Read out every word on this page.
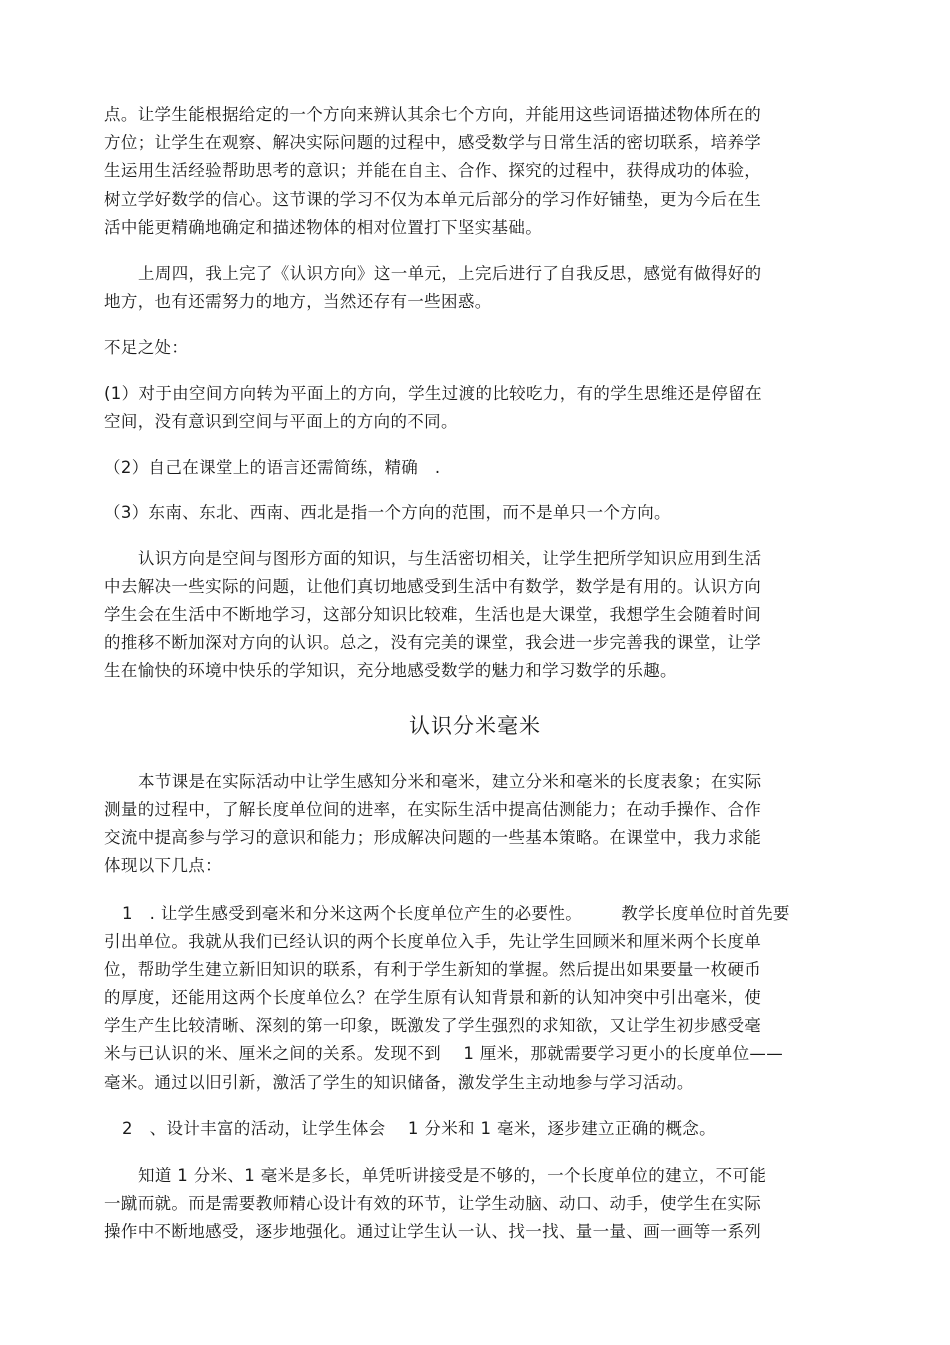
点。让学生能根据给定的一个方向来辨认其余七个方向，并能用这些词语描述物体所在的
方位；让学生在观察、解决实际问题的过程中，感受数学与日常生活的密切联系，培养学
生运用生活经验帮助思考的意识；并能在自主、合作、探究的过程中，获得成功的体验，
树立学好数学的信心。这节课的学习不仅为本单元后部分的学习作好铺垫，更为今后在生
活中能更精确地确定和描述物体的相对位置打下坚实基础。
上周四，我上完了《认识方向》这一单元，上完后进行了自我反思，感觉有做得好的
地方，也有还需努力的地方，当然还存有一些困惑。
不足之处：
(1）对于由空间方向转为平面上的方向，学生过渡的比较吃力，有的学生思维还是停留在
空间，没有意识到空间与平面上的方向的不同。
（2）自己在课堂上的语言还需简练，精确   .
（3）东南、东北、西南、西北是指一个方向的范围，而不是单只一个方向。
认识方向是空间与图形方面的知识，与生活密切相关，让学生把所学知识应用到生活
中去解决一些实际的问题，让他们真切地感受到生活中有数学，数学是有用的。认识方向
学生会在生活中不断地学习，这部分知识比较难，生活也是大课堂，我想学生会随着时间
的推移不断加深对方向的认识。总之，没有完美的课堂，我会进一步完善我的课堂，让学
生在愉快的环境中快乐的学知识，充分地感受数学的魅力和学习数学的乐趣。
认识分米毫米
本节课是在实际活动中让学生感知分米和毫米，建立分米和毫米的长度表象；在实际
测量的过程中，了解长度单位间的进率，在实际生活中提高估测能力；在动手操作、合作
交流中提高参与学习的意识和能力；形成解决问题的一些基本策略。在课堂中，我力求能
体现以下几点：
1   . 让学生感受到毫米和分米这两个长度单位产生的必要性。       教学长度单位时首先要
引出单位。我就从我们已经认识的两个长度单位入手，先让学生回顾米和厘米两个长度单
位，帮助学生建立新旧知识的联系，有利于学生新知的掌握。然后提出如果要量一枚硬币
的厚度，还能用这两个长度单位么？在学生原有认知背景和新的认知冲突中引出毫米，使
学生产生比较清晰、深刻的第一印象，既激发了学生强烈的求知欲，又让学生初步感受毫
米与已认识的米、厘米之间的关系。发现不到    1 厘米，那就需要学习更小的长度单位——
毫米。通过以旧引新，激活了学生的知识储备，激发学生主动地参与学习活动。
2   、设计丰富的活动，让学生体会    1 分米和 1 毫米，逐步建立正确的概念。
知道 1 分米、1 毫米是多长，单凭听讲接受是不够的，一个长度单位的建立，不可能
一蹴而就。而是需要教师精心设计有效的环节，让学生动脑、动口、动手，使学生在实际
操作中不断地感受，逐步地强化。通过让学生认一认、找一找、量一量、画一画等一系列
